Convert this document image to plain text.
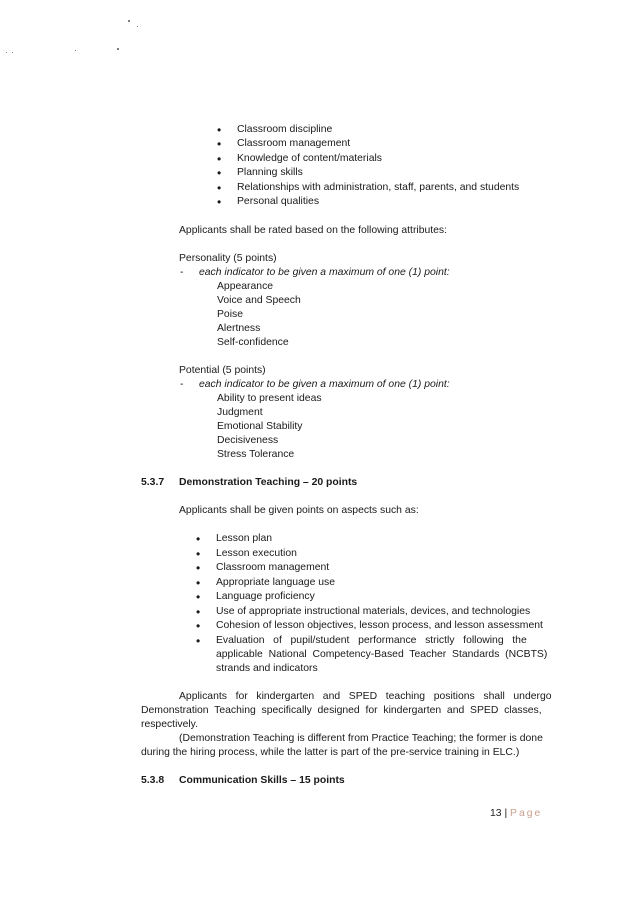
• Classroom discipline
• Classroom management
• Knowledge of content/materials
• Planning skills
• Relationships with administration, staff, parents, and students
• Personal qualities
Applicants shall be rated based on the following attributes:
Personality (5 points)
- each indicator to be given a maximum of one (1) point:
Appearance
Voice and Speech
Poise
Alertness
Self-confidence
Potential (5 points)
- each indicator to be given a maximum of one (1) point:
Ability to present ideas
Judgment
Emotional Stability
Decisiveness
Stress Tolerance
5.3.7 Demonstration Teaching – 20 points
Applicants shall be given points on aspects such as:
• Lesson plan
• Lesson execution
• Classroom management
• Appropriate language use
• Language proficiency
• Use of appropriate instructional materials, devices, and technologies
• Cohesion of lesson objectives, lesson process, and lesson assessment
• Evaluation   of   pupil/student   performance   strictly   following   the
applicable  National  Competency-Based  Teacher  Standards  (NCBTS)
strands and indicators
Applicants   for   kindergarten   and   SPED   teaching   positions   shall   undergo
Demonstration  Teaching  specifically  designed  for  kindergarten  and  SPED  classes,
respectively.
(Demonstration Teaching is different from Practice Teaching; the former is done
during the hiring process, while the latter is part of the pre-service training in ELC.)
5.3.8 Communication Skills – 15 points
13 | Page
